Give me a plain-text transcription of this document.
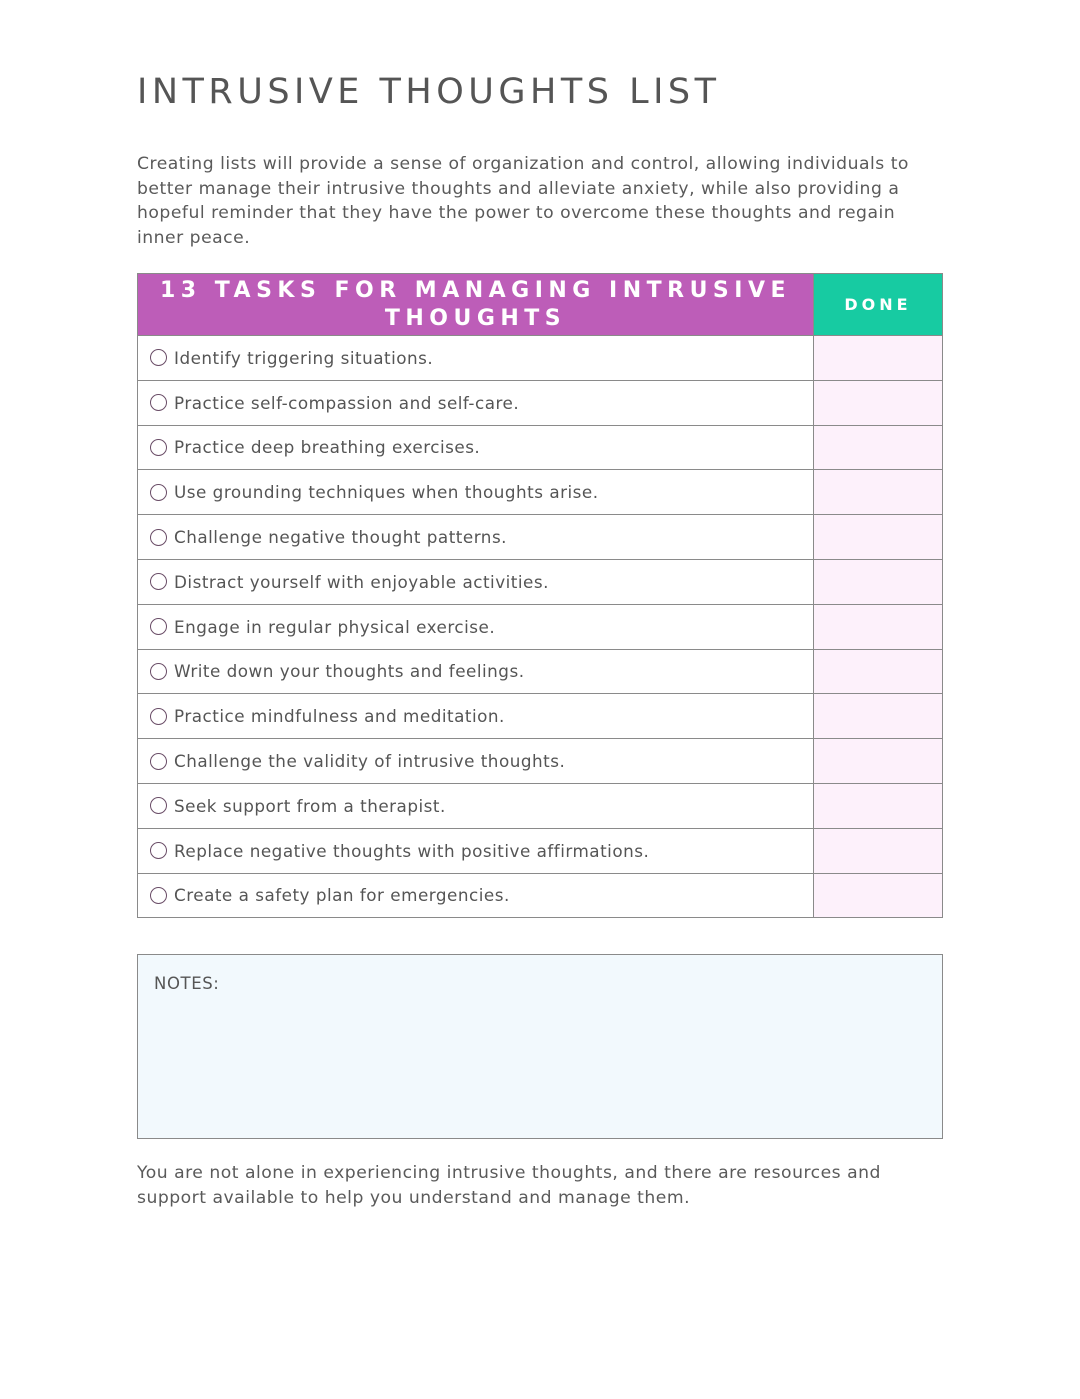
INTRUSIVE THOUGHTS LIST

Creating lists will provide a sense of organization and control, allowing individuals to better manage their intrusive thoughts and alleviate anxiety, while also providing a hopeful reminder that they have the power to overcome these thoughts and regain inner peace.

13 TASKS FOR MANAGING INTRUSIVE THOUGHTS
DONE
Identify triggering situations.
Practice self-compassion and self-care.
Practice deep breathing exercises.
Use grounding techniques when thoughts arise.
Challenge negative thought patterns.
Distract yourself with enjoyable activities.
Engage in regular physical exercise.
Write down your thoughts and feelings.
Practice mindfulness and meditation.
Challenge the validity of intrusive thoughts.
Seek support from a therapist.
Replace negative thoughts with positive affirmations.
Create a safety plan for emergencies.
NOTES:

You are not alone in experiencing intrusive thoughts, and there are resources and support available to help you understand and manage them.
